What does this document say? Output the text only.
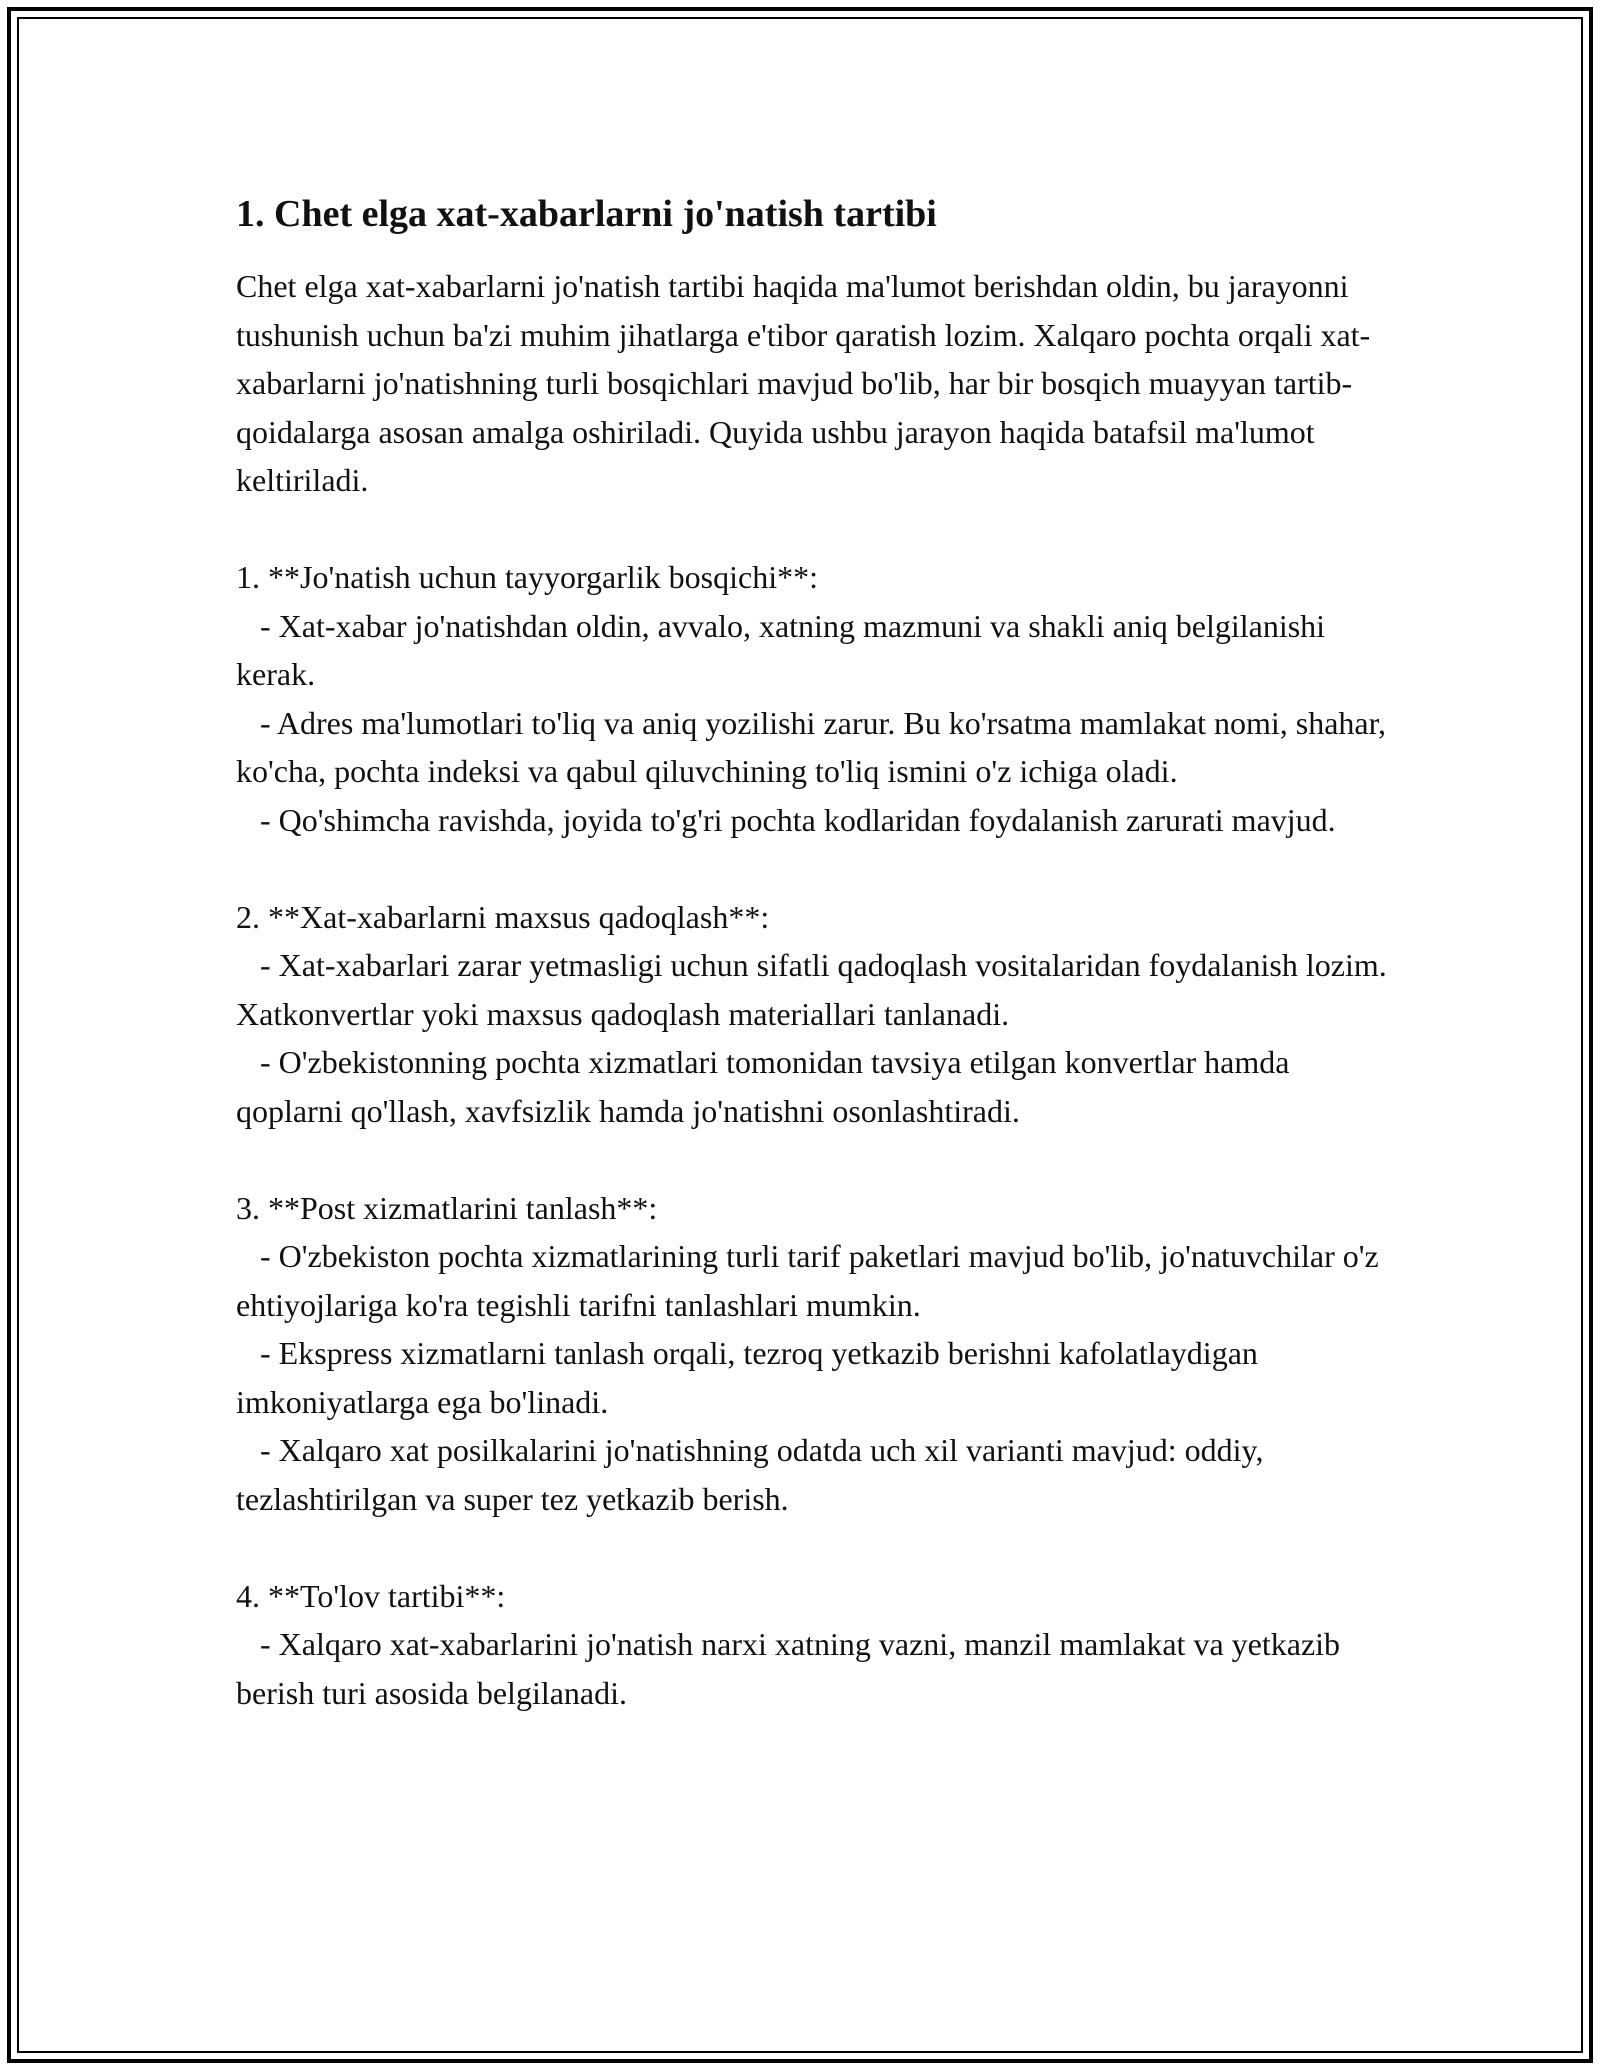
1. Chet elga xat-xabarlarni jo'natish tartibi

Chet elga xat-xabarlarni jo'natish tartibi haqida ma'lumot berishdan oldin, bu jarayonni tushunish uchun ba'zi muhim jihatlarga e'tibor qaratish lozim. Xalqaro pochta orqali xat-xabarlarni jo'natishning turli bosqichlari mavjud bo'lib, har bir bosqich muayyan tartib-qoidalarga asosan amalga oshiriladi. Quyida ushbu jarayon haqida batafsil ma'lumot keltiriladi.

1. **Jo'natish uchun tayyorgarlik bosqichi**:

- Xat-xabar jo'natishdan oldin, avvalo, xatning mazmuni va shakli aniq belgilanishi kerak.

- Adres ma'lumotlari to'liq va aniq yozilishi zarur. Bu ko'rsatma mamlakat nomi, shahar, ko'cha, pochta indeksi va qabul qiluvchining to'liq ismini o'z ichiga oladi.

- Qo'shimcha ravishda, joyida to'g'ri pochta kodlaridan foydalanish zarurati mavjud.

2. **Xat-xabarlarni maxsus qadoqlash**:

- Xat-xabarlari zarar yetmasligi uchun sifatli qadoqlash vositalaridan foydalanish lozim. Xatkonvertlar yoki maxsus qadoqlash materiallari tanlanadi.

- O'zbekistonning pochta xizmatlari tomonidan tavsiya etilgan konvertlar hamda qoplarni qo'llash, xavfsizlik hamda jo'natishni osonlashtiradi.

3. **Post xizmatlarini tanlash**:

- O'zbekiston pochta xizmatlarining turli tarif paketlari mavjud bo'lib, jo'natuvchilar o'z ehtiyojlariga ko'ra tegishli tarifni tanlashlari mumkin.

- Ekspress xizmatlarni tanlash orqali, tezroq yetkazib berishni kafolatlaydigan imkoniyatlarga ega bo'linadi.

- Xalqaro xat posilkalarini jo'natishning odatda uch xil varianti mavjud: oddiy, tezlashtirilgan va super tez yetkazib berish.

4. **To'lov tartibi**:

- Xalqaro xat-xabarlarini jo'natish narxi xatning vazni, manzil mamlakat va yetkazib berish turi asosida belgilanadi.
